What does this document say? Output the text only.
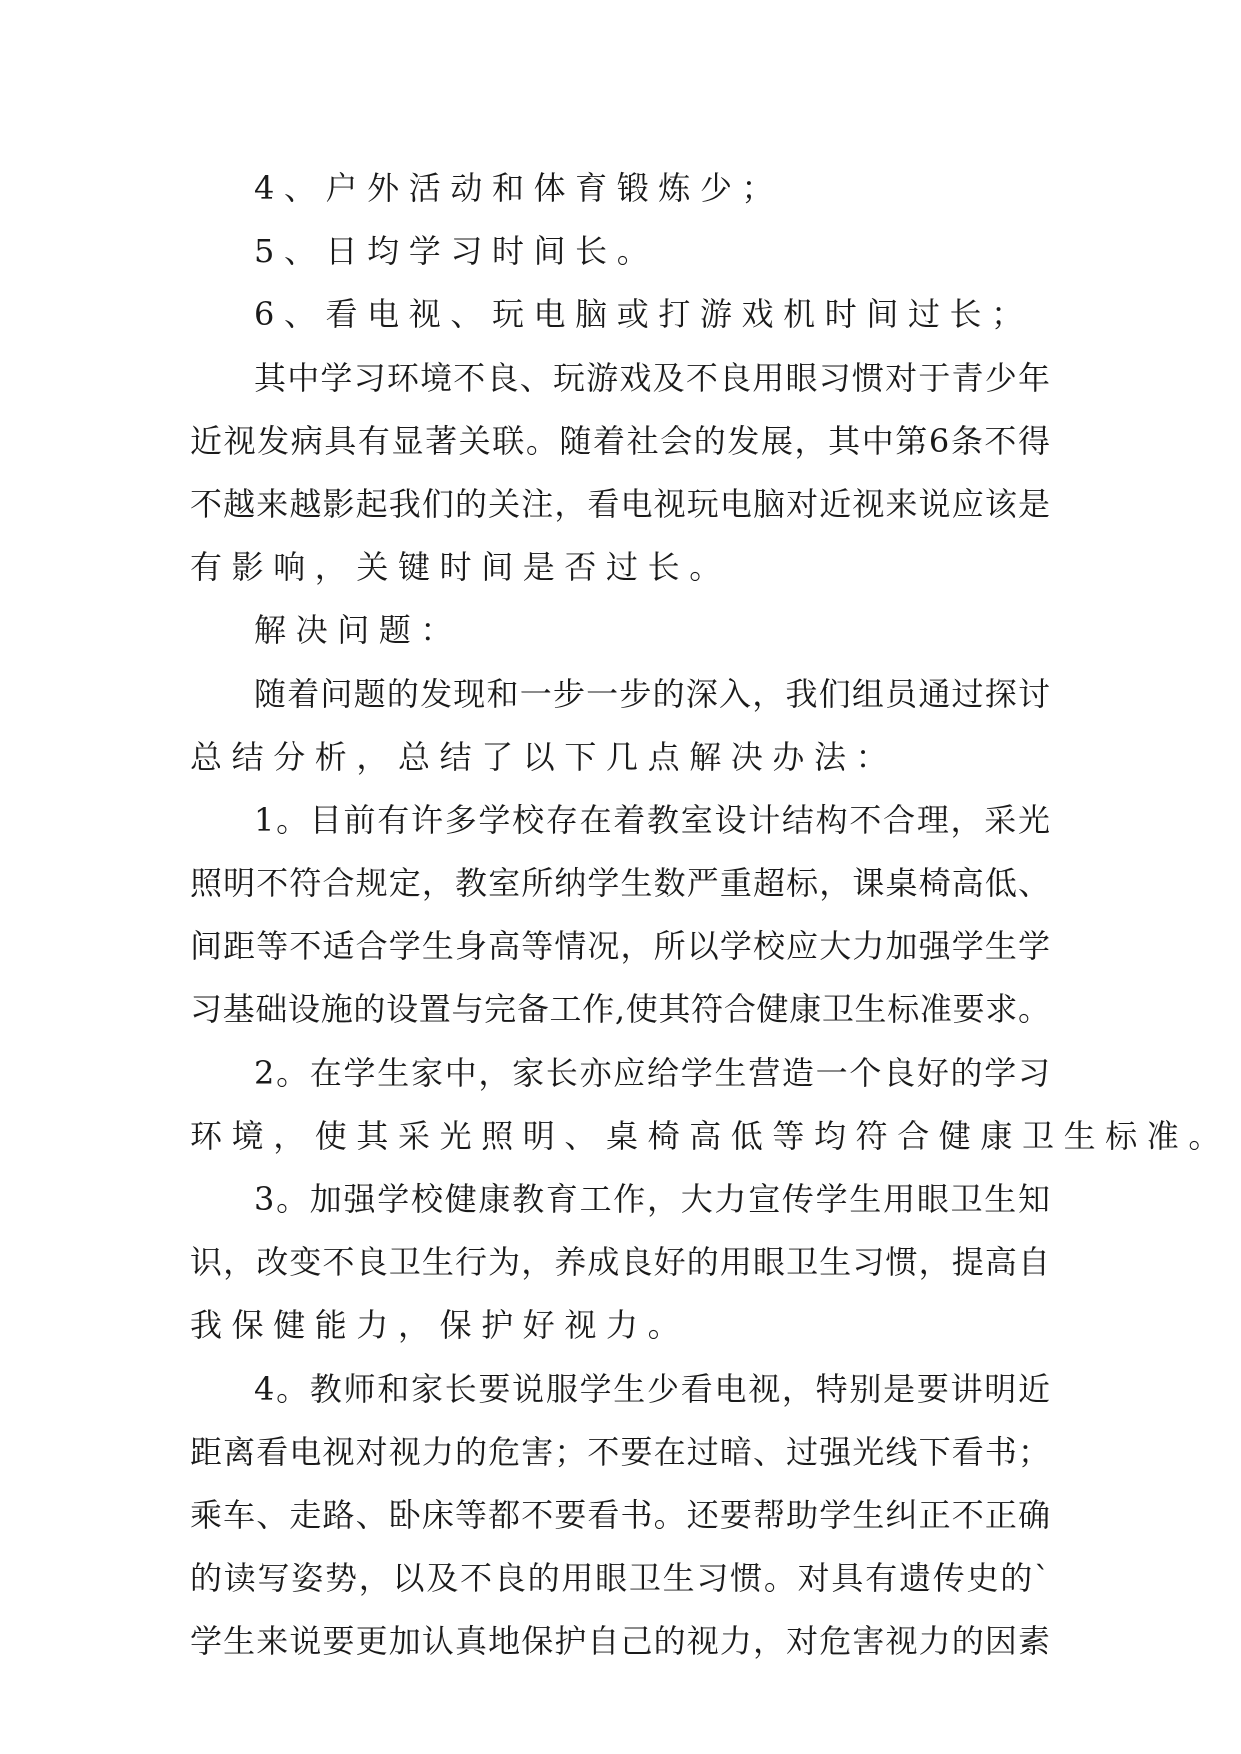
4、户外活动和体育锻炼少；
5、日均学习时间长。
6、看电视、玩电脑或打游戏机时间过长；
其中学习环境不良、玩游戏及不良用眼习惯对于青少年
近视发病具有显著关联。随着社会的发展，其中第6条不得
不越来越影起我们的关注，看电视玩电脑对近视来说应该是
有影响，关键时间是否过长。
解决问题：
随着问题的发现和一步一步的深入，我们组员通过探讨
总结分析，总结了以下几点解决办法：
1。目前有许多学校存在着教室设计结构不合理，采光
照明不符合规定，教室所纳学生数严重超标，课桌椅高低、
间距等不适合学生身高等情况，所以学校应大力加强学生学
习基础设施的设置与完备工作,使其符合健康卫生标准要求。
2。在学生家中，家长亦应给学生营造一个良好的学习
环境，使其采光照明、桌椅高低等均符合健康卫生标准。
3。加强学校健康教育工作，大力宣传学生用眼卫生知
识，改变不良卫生行为，养成良好的用眼卫生习惯，提高自
我保健能力，保护好视力。
4。教师和家长要说服学生少看电视，特别是要讲明近
距离看电视对视力的危害；不要在过暗、过强光线下看书；
乘车、走路、卧床等都不要看书。还要帮助学生纠正不正确
的读写姿势，以及不良的用眼卫生习惯。对具有遗传史的`
学生来说要更加认真地保护自己的视力，对危害视力的因素
